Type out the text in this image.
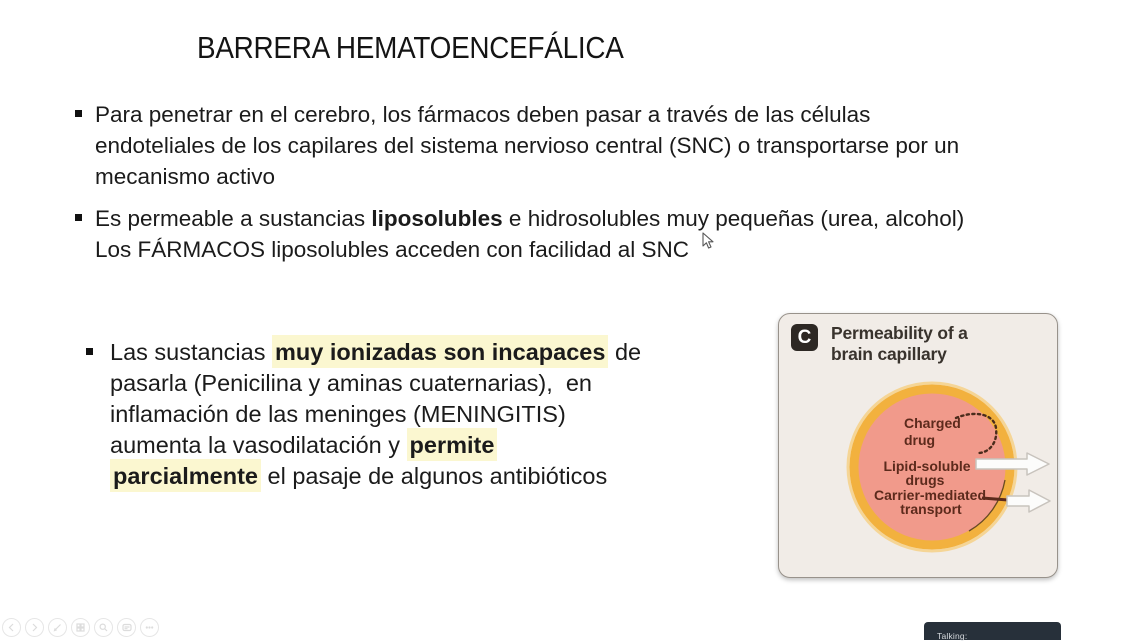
BARRERA HEMATOENCEFÁLICA
Para penetrar en el cerebro, los fármacos deben pasar a través de las células
endoteliales de los capilares del sistema nervioso central (SNC) o transportarse por un
mecanismo activo
Es permeable a sustancias liposolubles e hidrosolubles muy pequeñas (urea, alcohol)
Los FÁRMACOS liposolubles acceden con facilidad al SNC
Las sustancias muy ionizadas son incapaces de
pasarla (Penicilina y aminas cuaternarias),  en
inflamación de las meninges (MENINGITIS)
aumenta la vasodilatación y permite
parcialmente el pasaje de algunos antibióticos
Charged
drug
Lipid-soluble
drugs
Carrier-mediated
transport
C	Permeability of a
brain capillary
Talking:
